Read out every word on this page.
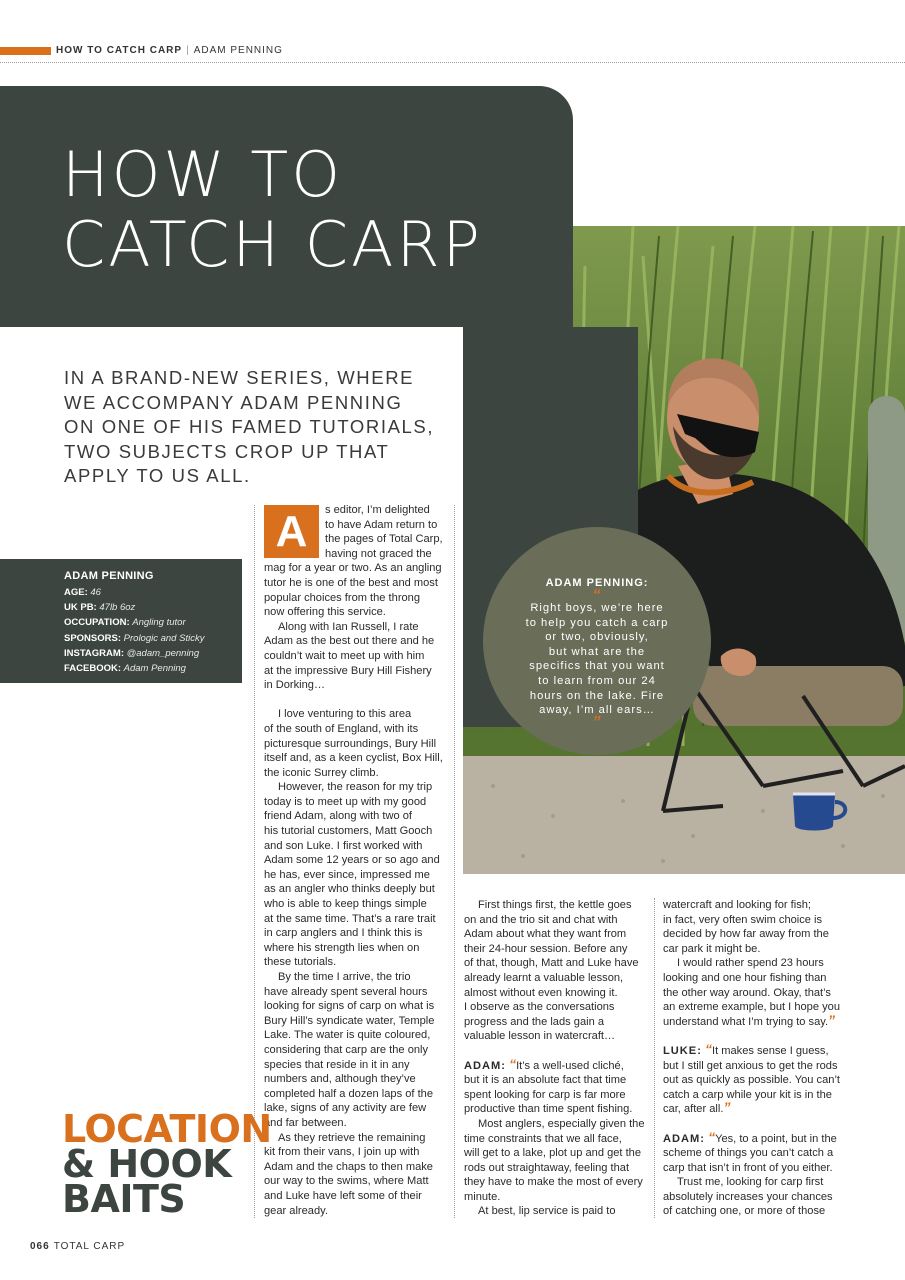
HOW TO CATCH CARP | ADAM PENNING
HOW TO
CATCH CARP
IN A BRAND-NEW SERIES, WHERE
WE ACCOMPANY ADAM PENNING
ON ONE OF HIS FAMED TUTORIALS,
TWO SUBJECTS CROP UP THAT
APPLY TO US ALL.
ADAM PENNING
AGE: 46
UK PB: 47lb 6oz
OCCUPATION: Angling tutor
SPONSORS: Prologic and Sticky
INSTAGRAM: @adam_penning
FACEBOOK: Adam Penning
ADAM PENNING:
“
Right boys, we’re here
to help you catch a carp
or two, obviously,
but what are the
specifics that you want
to learn from our 24
hours on the lake. Fire
away, I’m all ears…
”
A	s editor, I’m delighted

to have Adam return to

the pages of Total Carp,

having not graced the

mag for a year or two. As an angling

tutor he is one of the best and most

popular choices from the throng

now offering this service.

Along with Ian Russell, I rate

Adam as the best out there and he

couldn’t wait to meet up with him

at the impressive Bury Hill Fishery

in Dorking…

I love venturing to this area

of the south of England, with its

picturesque surroundings, Bury Hill

itself and, as a keen cyclist, Box Hill,

the iconic Surrey climb.

However, the reason for my trip

today is to meet up with my good

friend Adam, along with two of

his tutorial customers, Matt Gooch

and son Luke. I first worked with

Adam some 12 years or so ago and

he has, ever since, impressed me

as an angler who thinks deeply but

who is able to keep things simple

at the same time. That’s a rare trait

in carp anglers and I think this is

where his strength lies when on

these tutorials.

By the time I arrive, the trio

have already spent several hours

looking for signs of carp on what is

Bury Hill’s syndicate water, Temple

Lake. The water is quite coloured,

considering that carp are the only

species that reside in it in any

numbers and, although they’ve

completed half a dozen laps of the

lake, signs of any activity are few

and far between.

As they retrieve the remaining

kit from their vans, I join up with

Adam and the chaps to then make

our way to the swims, where Matt

and Luke have left some of their

gear already.

First things first, the kettle goes

on and the trio sit and chat with

Adam about what they want from

their 24-hour session. Before any

of that, though, Matt and Luke have

already learnt a valuable lesson,

almost without even knowing it.

I observe as the conversations

progress and the lads gain a

valuable lesson in watercraft…

ADAM: “It’s a well-used cliché,

but it is an absolute fact that time

spent looking for carp is far more

productive than time spent fishing.

Most anglers, especially given the

time constraints that we all face,

will get to a lake, plot up and get the

rods out straightaway, feeling that

they have to make the most of every

minute.

At best, lip service is paid to

watercraft and looking for fish;

in fact, very often swim choice is

decided by how far away from the

car park it might be.

I would rather spend 23 hours

looking and one hour fishing than

the other way around. Okay, that’s

an extreme example, but I hope you

understand what I’m trying to say.”

LUKE: “It makes sense I guess,

but I still get anxious to get the rods

out as quickly as possible. You can’t

catch a carp while your kit is in the

car, after all.”

ADAM: “Yes, to a point, but in the

scheme of things you can’t catch a

carp that isn’t in front of you either.

Trust me, looking for carp first

absolutely increases your chances

of catching one, or more of those

LOCATION
& HOOK
BAITS
066 TOTAL CARP
